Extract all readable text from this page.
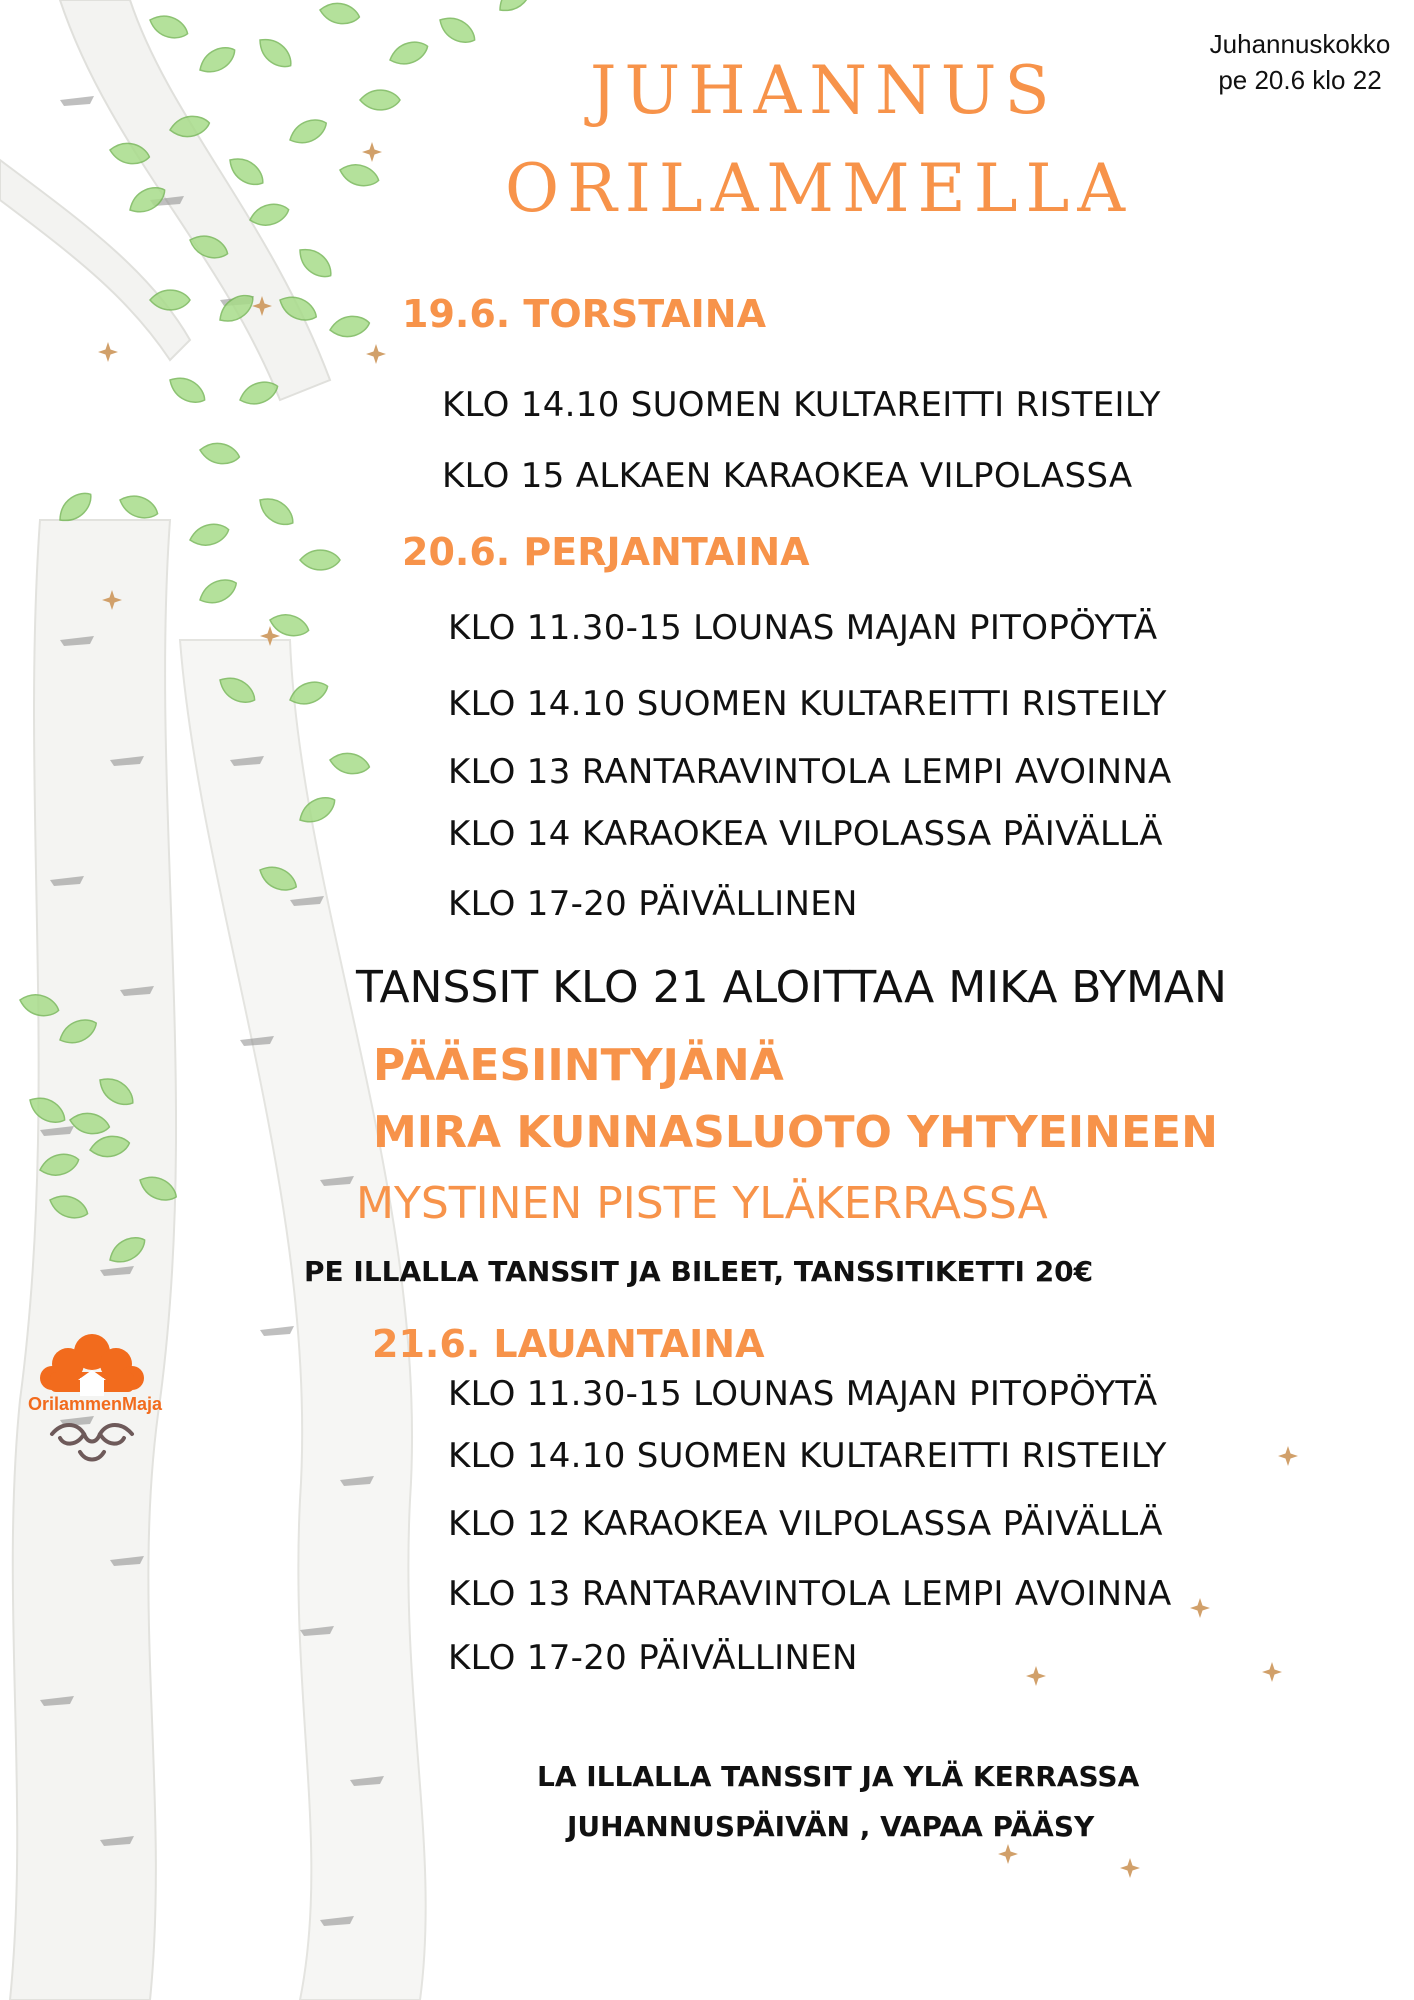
Juhannuskokko
pe 20.6 klo 22
JUHANNUS
ORILAMMELLA
19.6. TORSTAINA
KLO 14.10 SUOMEN KULTAREITTI RISTEILY
KLO 15 ALKAEN KARAOKEA VILPOLASSA
20.6. PERJANTAINA
KLO 11.30-15 LOUNAS MAJAN PITOPÖYTÄ
KLO 14.10 SUOMEN KULTAREITTI RISTEILY
KLO 13 RANTARAVINTOLA LEMPI AVOINNA
KLO 14 KARAOKEA VILPOLASSA PÄIVÄLLÄ
KLO 17-20 PÄIVÄLLINEN
TANSSIT KLO 21 ALOITTAA MIKA BYMAN
PÄÄESIINTYJÄNÄ
MIRA KUNNASLUOTO YHTYEINEEN
MYSTINEN PISTE YLÄKERRASSA
PE ILLALLA TANSSIT JA BILEET, TANSSITIKETTI 20€
21.6. LAUANTAINA
KLO 11.30-15 LOUNAS MAJAN PITOPÖYTÄ
KLO 14.10 SUOMEN KULTAREITTI RISTEILY
KLO 12 KARAOKEA VILPOLASSA PÄIVÄLLÄ
KLO 13 RANTARAVINTOLA LEMPI AVOINNA
KLO 17-20 PÄIVÄLLINEN
LA ILLALLA TANSSIT JA YLÄ KERRASSA
JUHANNUSPÄIVÄN , VAPAA PÄÄSY
OrilammenMaja
